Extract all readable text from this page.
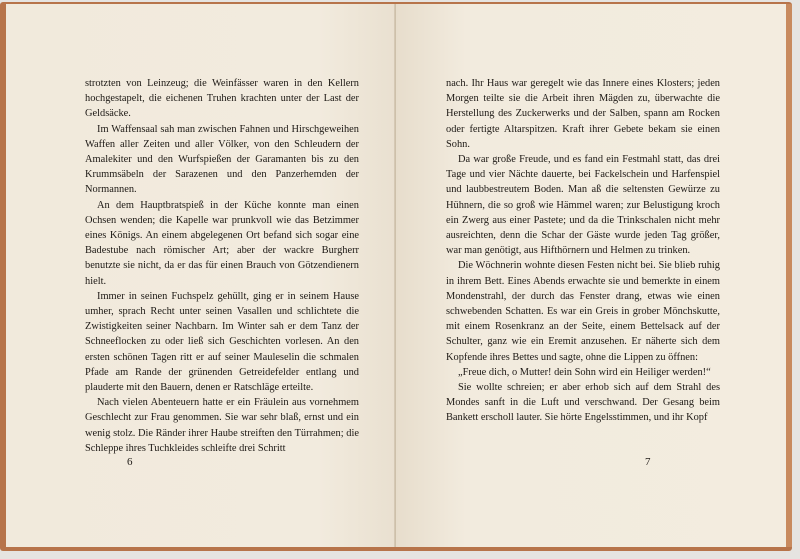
strotzten von Leinzeug; die Weinfässer waren in den Kellern hochgestapelt, die eichenen Truhen krachten unter der Last der Geldsäcke.

Im Waffensaal sah man zwischen Fahnen und Hirschgeweihen Waffen aller Zeiten und aller Völker, von den Schleudern der Amalekiter und den Wurfspießen der Garamanten bis zu den Krummsäbeln der Sarazenen und den Panzerhemden der Normannen.

An dem Hauptbratspieß in der Küche konnte man einen Ochsen wenden; die Kapelle war prunkvoll wie das Betzimmer eines Königs. An einem abgelegenen Ort befand sich sogar eine Badestube nach römischer Art; aber der wackre Burgherr benutzte sie nicht, da er das für einen Brauch von Götzendienern hielt.

Immer in seinen Fuchspelz gehüllt, ging er in seinem Hause umher, sprach Recht unter seinen Vasallen und schlichtete die Zwistigkeiten seiner Nachbarn. Im Winter sah er dem Tanz der Schneeflocken zu oder ließ sich Geschichten vorlesen. An den ersten schönen Tagen ritt er auf seiner Mauleselin die schmalen Pfade am Rande der grünenden Getreidefelder entlang und plauderte mit den Bauern, denen er Ratschläge erteilte.

Nach vielen Abenteuern hatte er ein Fräulein aus vornehmem Geschlecht zur Frau genommen. Sie war sehr blaß, ernst und ein wenig stolz. Die Ränder ihrer Haube streiften den Türrahmen; die Schleppe ihres Tuchkleides schleifte drei Schritt

6

nach. Ihr Haus war geregelt wie das Innere eines Klosters; jeden Morgen teilte sie die Arbeit ihren Mägden zu, überwachte die Herstellung des Zuckerwerks und der Salben, spann am Rocken oder fertigte Altarspitzen. Kraft ihrer Gebete bekam sie einen Sohn.

Da war große Freude, und es fand ein Festmahl statt, das drei Tage und vier Nächte dauerte, bei Fackelschein und Harfenspiel und laubbestreutem Boden. Man aß die seltensten Gewürze zu Hühnern, die so groß wie Hämmel waren; zur Belustigung kroch ein Zwerg aus einer Pastete; und da die Trinkschalen nicht mehr ausreichten, denn die Schar der Gäste wurde jeden Tag größer, war man genötigt, aus Hifthörnern und Helmen zu trinken.

Die Wöchnerin wohnte diesen Festen nicht bei. Sie blieb ruhig in ihrem Bett. Eines Abends erwachte sie und bemerkte in einem Mondenstrahl, der durch das Fenster drang, etwas wie einen schwebenden Schatten. Es war ein Greis in grober Mönchskutte, mit einem Rosenkranz an der Seite, einem Bettelsack auf der Schulter, ganz wie ein Eremit anzusehen. Er näherte sich dem Kopfende ihres Bettes und sagte, ohne die Lippen zu öffnen:

„Freue dich, o Mutter! dein Sohn wird ein Heiliger werden!“

Sie wollte schreien; er aber erhob sich auf dem Strahl des Mondes sanft in die Luft und verschwand. Der Gesang beim Bankett erscholl lauter. Sie hörte Engelsstimmen, und ihr Kopf

7
